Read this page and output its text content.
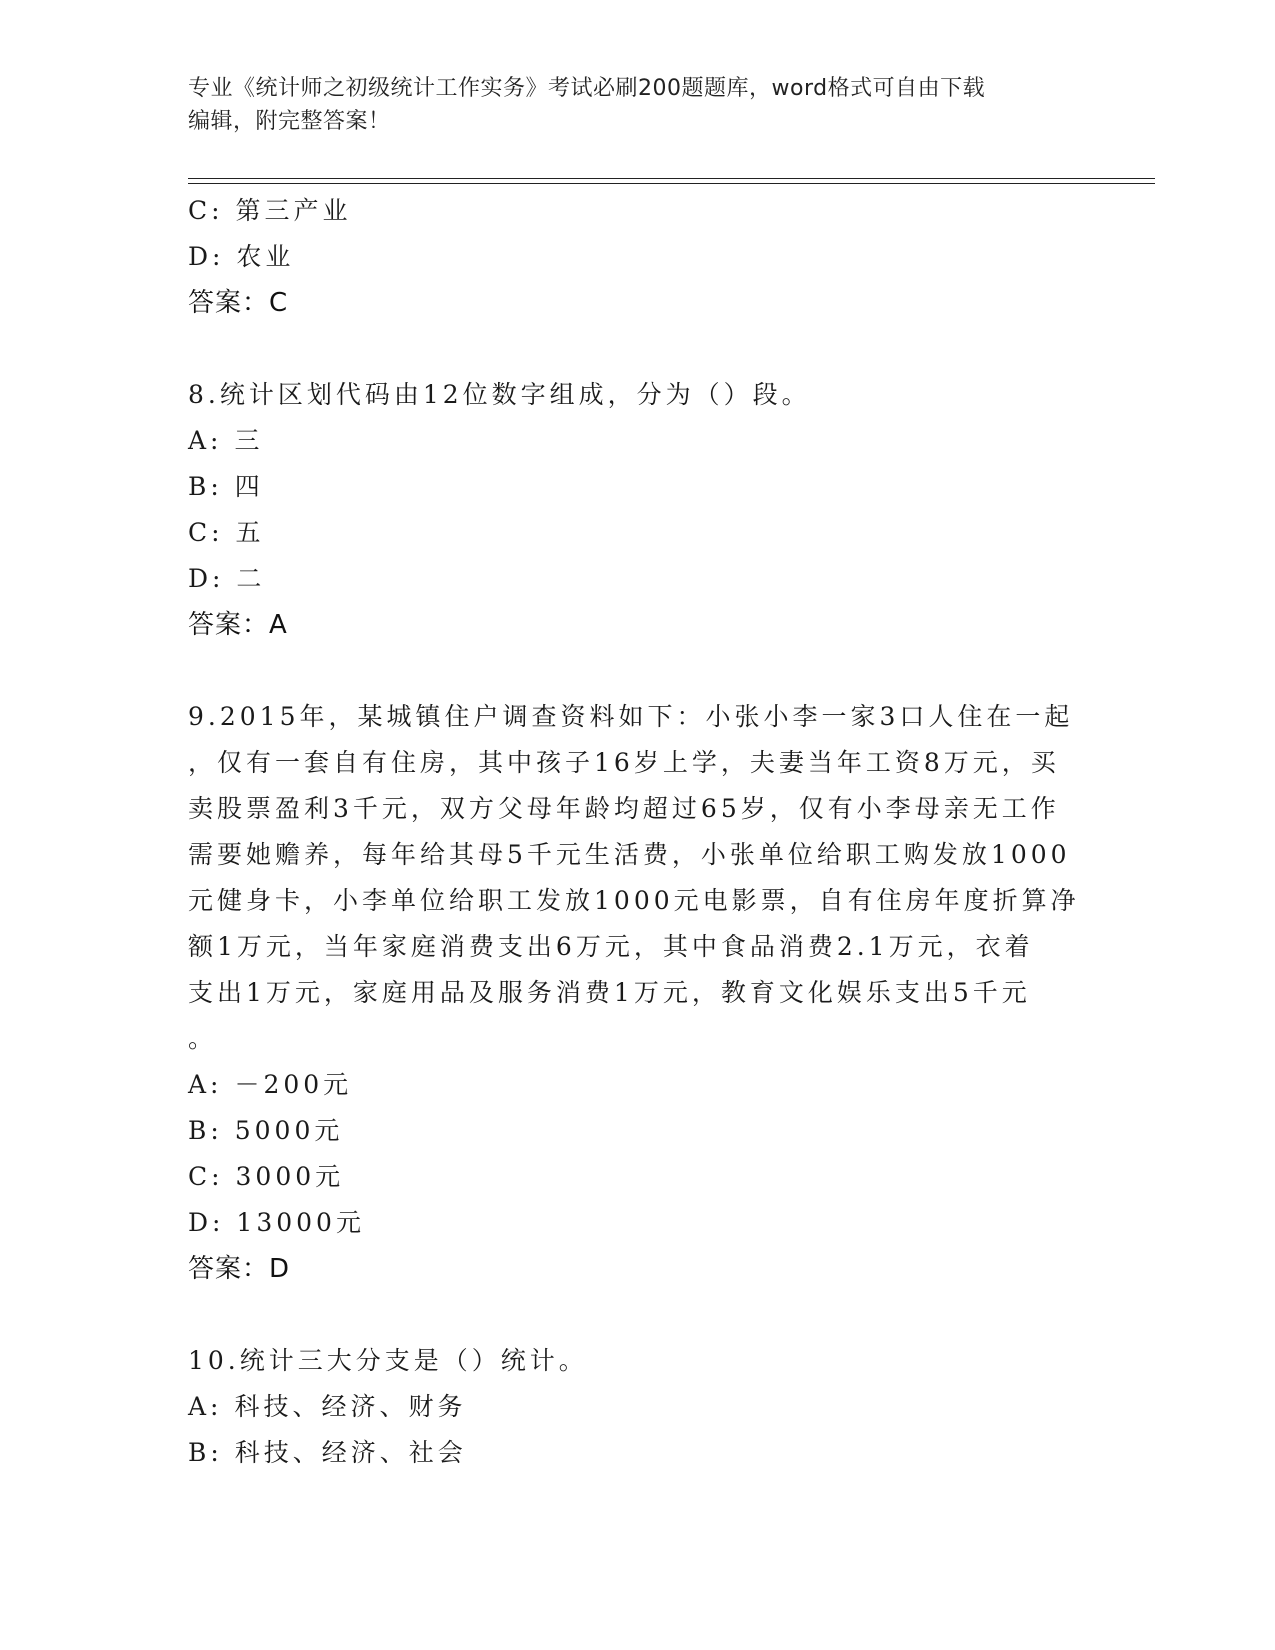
专业《统计师之初级统计工作实务》考试必刷200题题库，word格式可自由下载
编辑，附完整答案！
C: 第三产业
D: 农业
答案：C
8.统计区划代码由12位数字组成，分为（）段。
A: 三
B: 四
C: 五
D: 二
答案：A
9.2015年，某城镇住户调查资料如下：小张小李一家3口人住在一起
，仅有一套自有住房，其中孩子16岁上学，夫妻当年工资8万元，买
卖股票盈利3千元，双方父母年龄均超过65岁，仅有小李母亲无工作
需要她赡养，每年给其母5千元生活费，小张单位给职工购发放1000
元健身卡，小李单位给职工发放1000元电影票，自有住房年度折算净
额1万元，当年家庭消费支出6万元，其中食品消费2.1万元，衣着
支出1万元，家庭用品及服务消费1万元，教育文化娱乐支出5千元
。
A: －200元
B: 5000元
C: 3000元
D: 13000元
答案：D
10.统计三大分支是（）统计。
A: 科技、经济、财务
B: 科技、经济、社会
